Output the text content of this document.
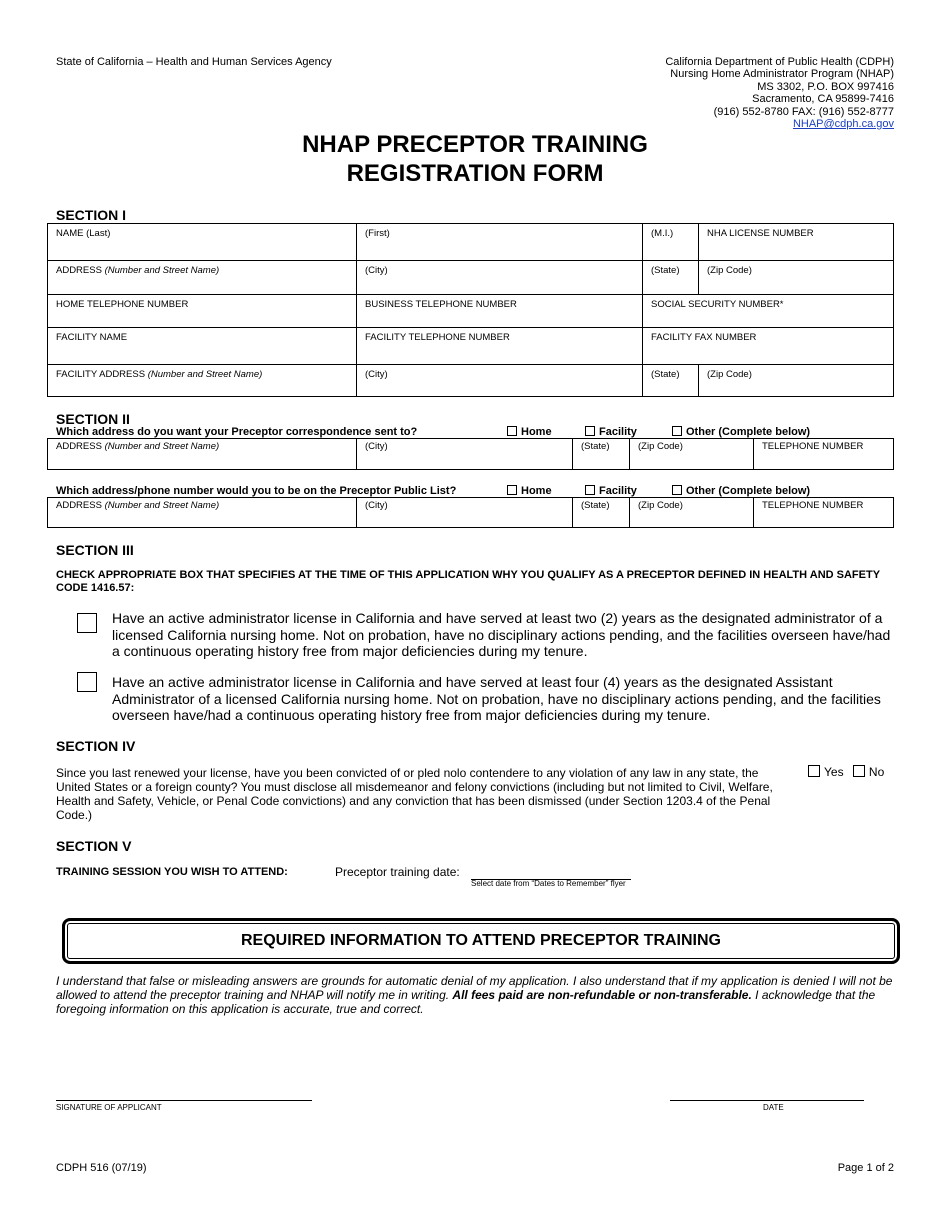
State of California – Health and Human Services Agency	California Department of Public Health (CDPH)
Nursing Home Administrator Program (NHAP)
MS 3302, P.O. BOX 997416
Sacramento, CA 95899-7416
(916) 552-8780 FAX: (916) 552-8777
NHAP@cdph.ca.gov
NHAP PRECEPTOR TRAINING
REGISTRATION FORM
SECTION I
NAME (Last)	(First)	(M.I.)	NHA LICENSE NUMBER
ADDRESS (Number and Street Name)	(City)	(State)	(Zip Code)
HOME TELEPHONE NUMBER	BUSINESS TELEPHONE NUMBER	SOCIAL SECURITY NUMBER*	
FACILITY NAME	FACILITY TELEPHONE NUMBER	FACILITY FAX NUMBER	
FACILITY ADDRESS (Number and Street Name)	(City)	(State)	(Zip Code)
SECTION II
Which address do you want your Preceptor correspondence sent to?	Home	Facility	Other (Complete below)
ADDRESS (Number and Street Name)	(City)	(State)	(Zip Code)	TELEPHONE NUMBER
Which address/phone number would you to be on the Preceptor Public List?	Home	Facility	Other (Complete below)
ADDRESS (Number and Street Name)	(City)	(State)	(Zip Code)	TELEPHONE NUMBER
SECTION III
CHECK APPROPRIATE BOX THAT SPECIFIES AT THE TIME OF THIS APPLICATION WHY YOU QUALIFY AS A PRECEPTOR DEFINED IN HEALTH AND SAFETY CODE 1416.57:
Have an active administrator license in California and have served at least two (2) years as the designated administrator of a licensed California nursing home. Not on probation, have no disciplinary actions pending, and the facilities overseen have/had a continuous operating history free from major deficiencies during my tenure.
Have an active administrator license in California and have served at least four (4) years as the designated Assistant Administrator of a licensed California nursing home. Not on probation, have no disciplinary actions pending, and the facilities overseen have/had a continuous operating history free from major deficiencies during my tenure.
SECTION IV
Since you last renewed your license, have you been convicted of or pled nolo contendere to any violation of any law in any state, the United States or a foreign county? You must disclose all misdemeanor and felony convictions (including but not limited to Civil, Welfare, Health and Safety, Vehicle, or Penal Code convictions) and any conviction that has been dismissed (under Section 1203.4 of the Penal Code.)
Yes No
SECTION V
TRAINING SESSION YOU WISH TO ATTEND:	Preceptor training date:
Select date from “Dates to Remember” flyer
REQUIRED INFORMATION TO ATTEND PRECEPTOR TRAINING
I understand that false or misleading answers are grounds for automatic denial of my application. I also understand that if my application is denied I will not be allowed to attend the preceptor training and NHAP will notify me in writing. All fees paid are non-refundable or non-transferable. I acknowledge that the foregoing information on this application is accurate, true and correct.
SIGNATURE OF APPLICANT	DATE
CDPH 516 (07/19)	Page 1 of 2
